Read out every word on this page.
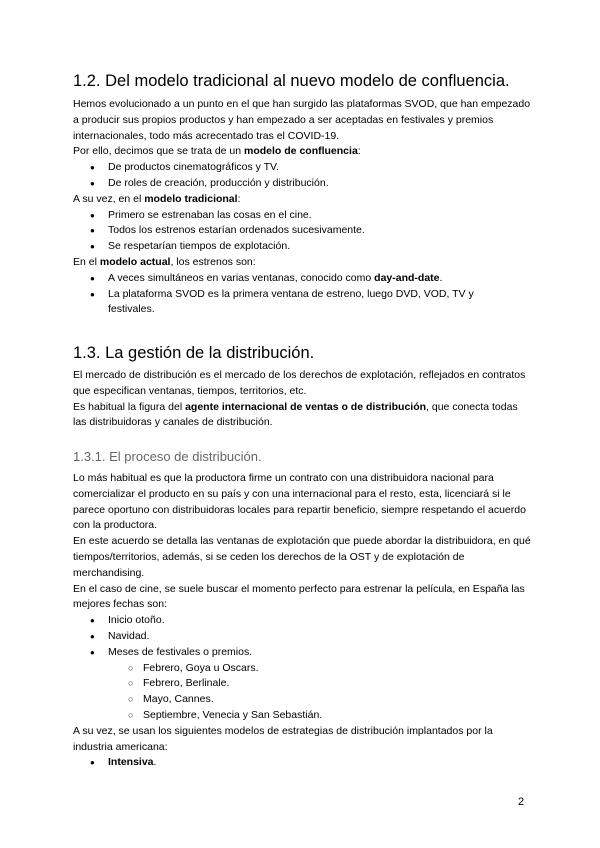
1.2. Del modelo tradicional al nuevo modelo de confluencia.

Hemos evolucionado a un punto en el que han surgido las plataformas SVOD, que han empezado a producir sus propios productos y han empezado a ser aceptadas en festivales y premios internacionales, todo más acrecentado tras el COVID-19.

Por ello, decimos que se trata de un modelo de confluencia:

● De productos cinematográficos y TV.
● De roles de creación, producción y distribución.

A su vez, en el modelo tradicional:

● Primero se estrenaban las cosas en el cine.
● Todos los estrenos estarían ordenados sucesivamente.
● Se respetarían tiempos de explotación.

En el modelo actual, los estrenos son:

● A veces simultáneos en varias ventanas, conocido como day-and-date.
● La plataforma SVOD es la primera ventana de estreno, luego DVD, VOD, TV y festivales.
1.3. La gestión de la distribución.

El mercado de distribución es el mercado de los derechos de explotación, reflejados en contratos que especifican ventanas, tiempos, territorios, etc.

Es habitual la figura del agente internacional de ventas o de distribución, que conecta todas las distribuidoras y canales de distribución.

1.3.1. El proceso de distribución.

Lo más habitual es que la productora firme un contrato con una distribuidora nacional para comercializar el producto en su país y con una internacional para el resto, esta, licenciará si le parece oportuno con distribuidoras locales para repartir beneficio, siempre respetando el acuerdo con la productora.

En este acuerdo se detalla las ventanas de explotación que puede abordar la distribuidora, en qué tiempos/territorios, además, si se ceden los derechos de la OST y de explotación de merchandising.

En el caso de cine, se suele buscar el momento perfecto para estrenar la película, en España las mejores fechas son:

● Inicio otoño.
● Navidad.
● Meses de festivales o premios.
○ Febrero, Goya u Oscars.
○ Febrero, Berlinale.
○ Mayo, Cannes.
○ Septiembre, Venecia y San Sebastián.

A su vez, se usan los siguientes modelos de estrategias de distribución implantados por la industria americana:

● Intensiva.
2
